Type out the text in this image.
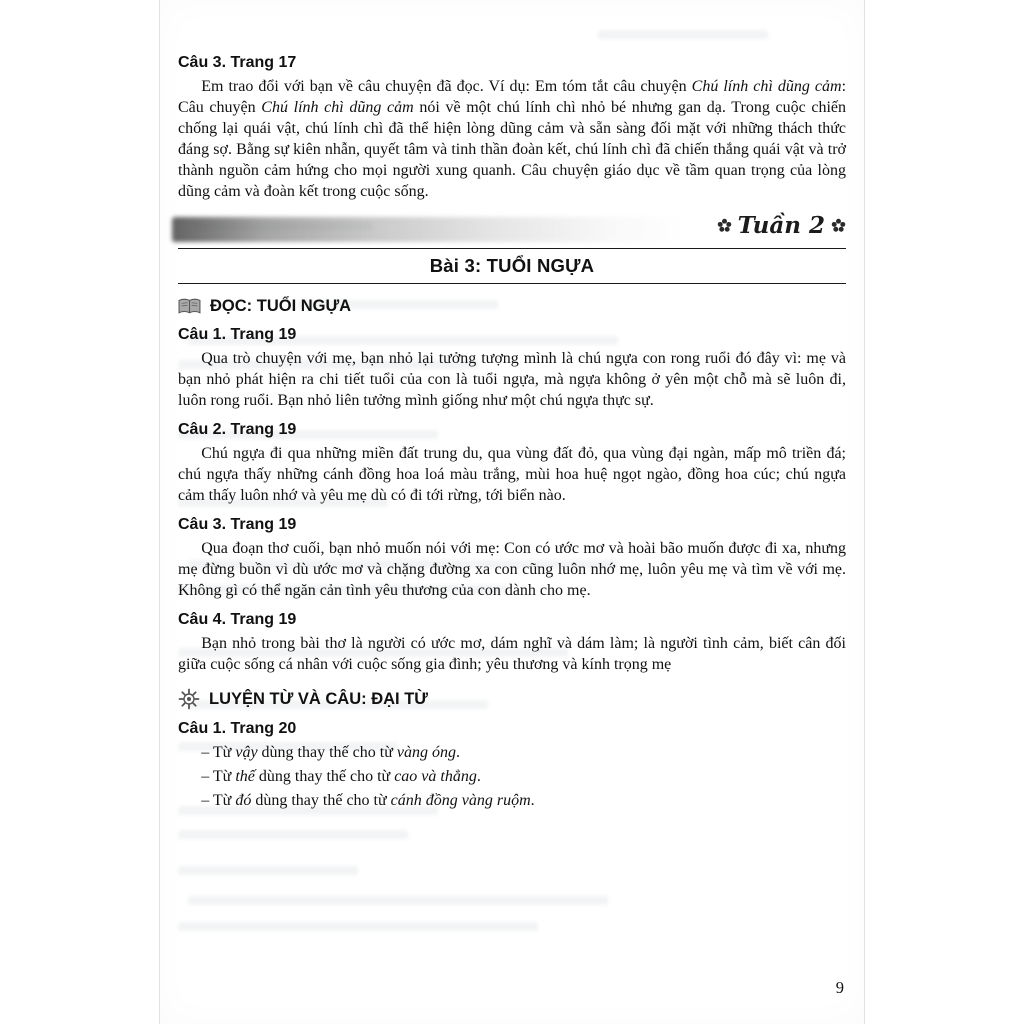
Câu 3. Trang 17

Em trao đổi với bạn về câu chuyện đã đọc. Ví dụ: Em tóm tắt câu chuyện Chú lính chì dũng cảm: Câu chuyện Chú lính chì dũng cảm nói về một chú lính chì nhỏ bé nhưng gan dạ. Trong cuộc chiến chống lại quái vật, chú lính chì đã thể hiện lòng dũng cảm và sẵn sàng đối mặt với những thách thức đáng sợ. Bằng sự kiên nhẫn, quyết tâm và tinh thần đoàn kết, chú lính chì đã chiến thắng quái vật và trở thành nguồn cảm hứng cho mọi người xung quanh. Câu chuyện giáo dục về tầm quan trọng của lòng dũng cảm và đoàn kết trong cuộc sống.

Tuần 2
Bài 3: TUỔI NGỰA
ĐỌC: TUỔI NGỰA
Câu 1. Trang 19

Qua trò chuyện với mẹ, bạn nhỏ lại tưởng tượng mình là chú ngựa con rong ruổi đó đây vì: mẹ và bạn nhỏ phát hiện ra chi tiết tuổi của con là tuổi ngựa, mà ngựa không ở yên một chỗ mà sẽ luôn đi, luôn rong ruổi. Bạn nhỏ liên tưởng mình giống như một chú ngựa thực sự.

Câu 2. Trang 19

Chú ngựa đi qua những miền đất trung du, qua vùng đất đỏ, qua vùng đại ngàn, mấp mô triền đá; chú ngựa thấy những cánh đồng hoa loá màu trắng, mùi hoa huệ ngọt ngào, đồng hoa cúc; chú ngựa cảm thấy luôn nhớ và yêu mẹ dù có đi tới rừng, tới biển nào.

Câu 3. Trang 19

Qua đoạn thơ cuối, bạn nhỏ muốn nói với mẹ: Con có ước mơ và hoài bão muốn được đi xa, nhưng mẹ đừng buồn vì dù ước mơ và chặng đường xa con cũng luôn nhớ mẹ, luôn yêu mẹ và tìm về với mẹ. Không gì có thể ngăn cản tình yêu thương của con dành cho mẹ.

Câu 4. Trang 19

Bạn nhỏ trong bài thơ là người có ước mơ, dám nghĩ và dám làm; là người tình cảm, biết cân đối giữa cuộc sống cá nhân với cuộc sống gia đình; yêu thương và kính trọng mẹ

LUYỆN TỪ VÀ CÂU: ĐẠI TỪ
Câu 1. Trang 20

– Từ vậy dùng thay thế cho từ vàng óng.

– Từ thế dùng thay thế cho từ cao và thẳng.

– Từ đó dùng thay thế cho từ cánh đồng vàng ruộm.

9
